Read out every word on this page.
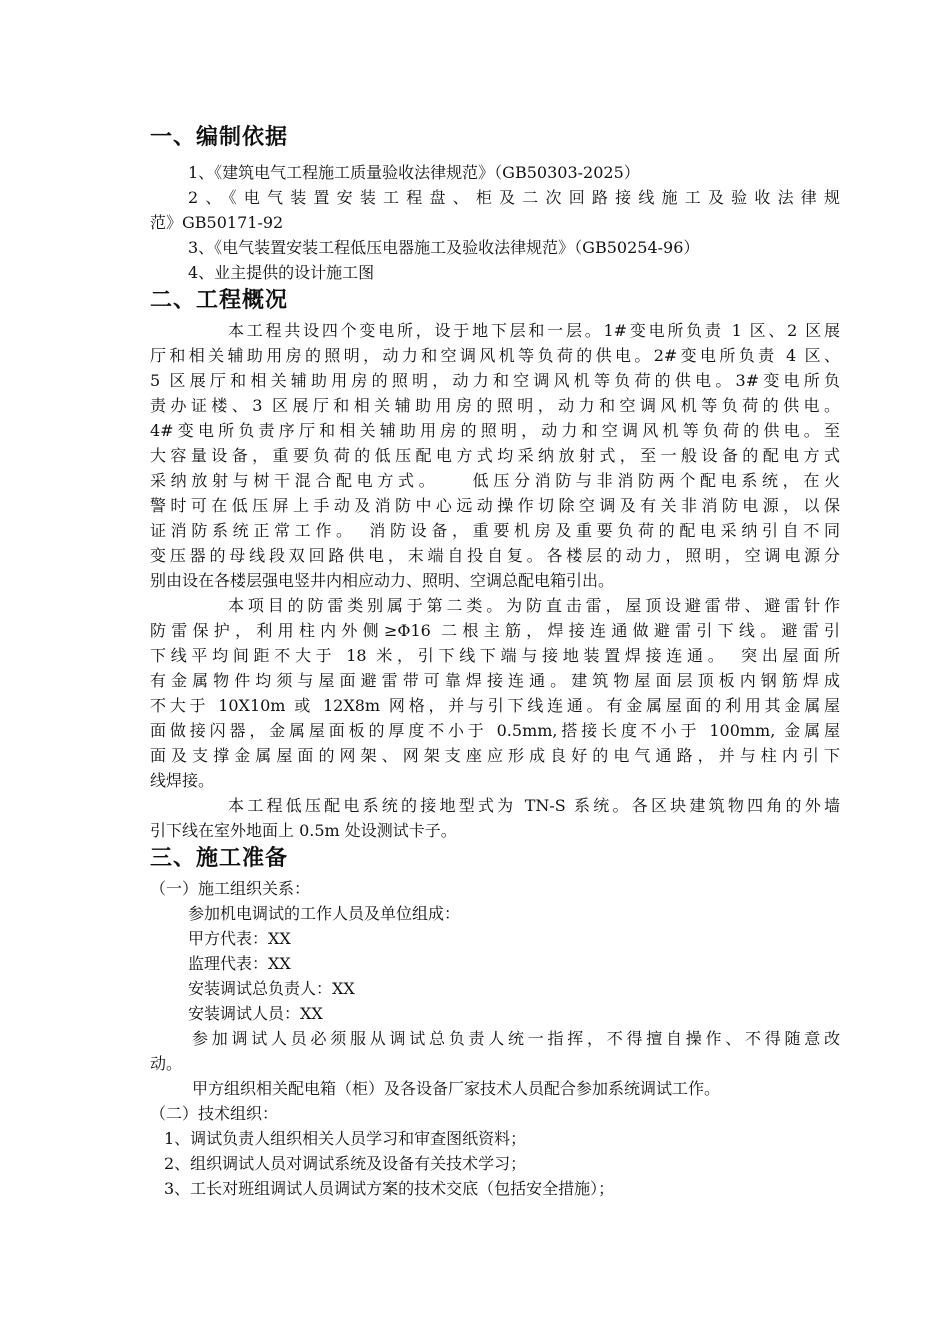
一、编制依据
1、《建筑电气工程施工质量验收法律规范》（GB50303-2025）
2、《电气装置安装工程盘、柜及二次回路接线施工及验收法律规
范》GB50171-92
3、《电气装置安装工程低压电器施工及验收法律规范》（GB50254-96）
4、业主提供的设计施工图
二、工程概况
本工程共设四个变电所，设于地下层和一层。1#变电所负责 1 区、2 区展
厅和相关辅助用房的照明，动力和空调风机等负荷的供电。2#变电所负责 4 区、
5 区展厅和相关辅助用房的照明，动力和空调风机等负荷的供电。3#变电所负
责办证楼、3 区展厅和相关辅助用房的照明，动力和空调风机等负荷的供电。
4#变电所负责序厅和相关辅助用房的照明，动力和空调风机等负荷的供电。至
大容量设备，重要负荷的低压配电方式均采纳放射式，至一般设备的配电方式
采纳放射与树干混合配电方式。　　低压分消防与非消防两个配电系统，在火
警时可在低压屏上手动及消防中心远动操作切除空调及有关非消防电源，以保
证消防系统正常工作。　消防设备，重要机房及重要负荷的配电采纳引自不同
变压器的母线段双回路供电，末端自投自复。各楼层的动力，照明，空调电源分
别由设在各楼层强电竖井内相应动力、照明、空调总配电箱引出。
本项目的防雷类别属于第二类。为防直击雷，屋顶设避雷带、避雷针作
防雷保护，利用柱内外侧≥Φ16 二根主筋，焊接连通做避雷引下线。避雷引
下线平均间距不大于 18 米，引下线下端与接地装置焊接连通。　突出屋面所
有金属物件均须与屋面避雷带可靠焊接连通。建筑物屋面层顶板内钢筋焊成
不大于 10X10m 或 12X8m 网格，并与引下线连通。有金属屋面的利用其金属屋
面做接闪器，金属屋面板的厚度不小于 0.5mm,搭接长度不小于 100mm, 金属屋
面及支撑金属屋面的网架、网架支座应形成良好的电气通路，并与柱内引下
线焊接。
本工程低压配电系统的接地型式为 TN-S 系统。各区块建筑物四角的外墙
引下线在室外地面上 0.5m 处设测试卡子。
三、施工准备
（一）施工组织关系：
参加机电调试的工作人员及单位组成：
甲方代表：XX
监理代表：XX
安装调试总负责人：XX
安装调试人员：XX
参加调试人员必须服从调试总负责人统一指挥，不得擅自操作、不得随意改
动。
甲方组织相关配电箱（柜）及各设备厂家技术人员配合参加系统调试工作。
（二）技术组织：
1、调试负责人组织相关人员学习和审查图纸资料；
2、组织调试人员对调试系统及设备有关技术学习；
3、工长对班组调试人员调试方案的技术交底（包括安全措施）；
